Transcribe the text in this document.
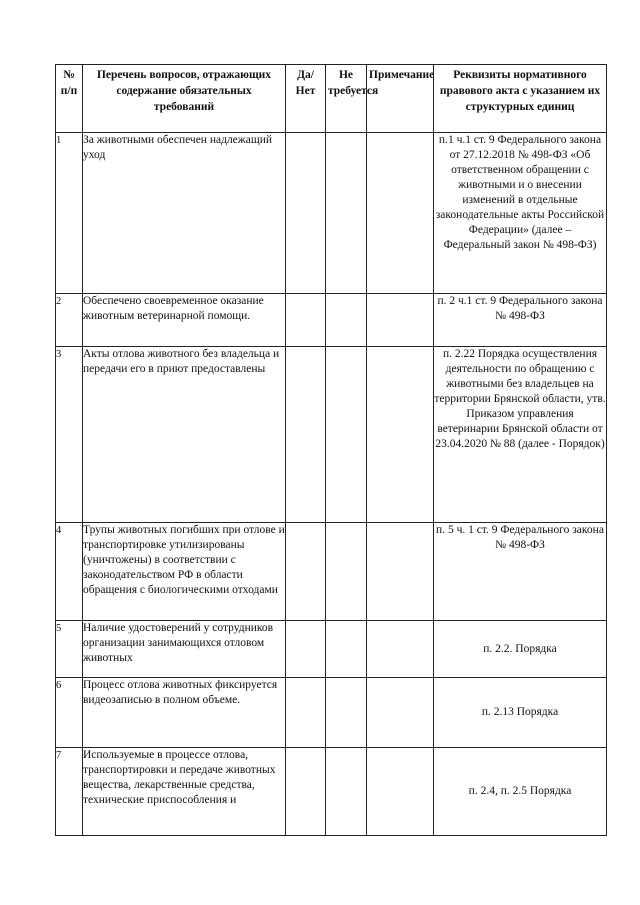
№ п/п	Перечень вопросов, отражающих содержание обязательных требований	Да/ Нет	Не требуется	Примечание	Реквизиты нормативного правового акта с указанием их структурных единиц
1	За животными обеспечен надлежащий уход				п.1 ч.1 ст. 9 Федерального закона от 27.12.2018 № 498-ФЗ «Об ответственном обращении с животными и о внесении изменений в отдельные законодательные акты Российской Федерации» (далее – Федеральный закон № 498-ФЗ)
2	Обеспечено своевременное оказание животным ветеринарной помощи.				п. 2 ч.1 ст. 9 Федерального закона № 498-ФЗ
3	Акты отлова животного без владельца и передачи его в приют предоставлены				п. 2.22 Порядка осуществления деятельности по обращению с животными без владельцев на территории Брянской области, утв. Приказом управления ветеринарии Брянской области от 23.04.2020 № 88 (далее - Порядок)
4	Трупы животных погибших при отлове и транспортировке утилизированы (уничтожены) в соответствии с законодательством РФ в области обращения с биологическими отходами				п. 5 ч. 1 ст. 9 Федерального закона № 498-ФЗ
5	Наличие удостоверений у сотрудников организации занимающихся отловом животных				п. 2.2. Порядка
6	Процесс отлова животных фиксируется видеозаписью в полном объеме.				п. 2.13 Порядка
7	Используемые в процессе отлова, транспортировки и передаче животных вещества, лекарственные средства, технические приспособления и				п. 2.4, п. 2.5 Порядка
